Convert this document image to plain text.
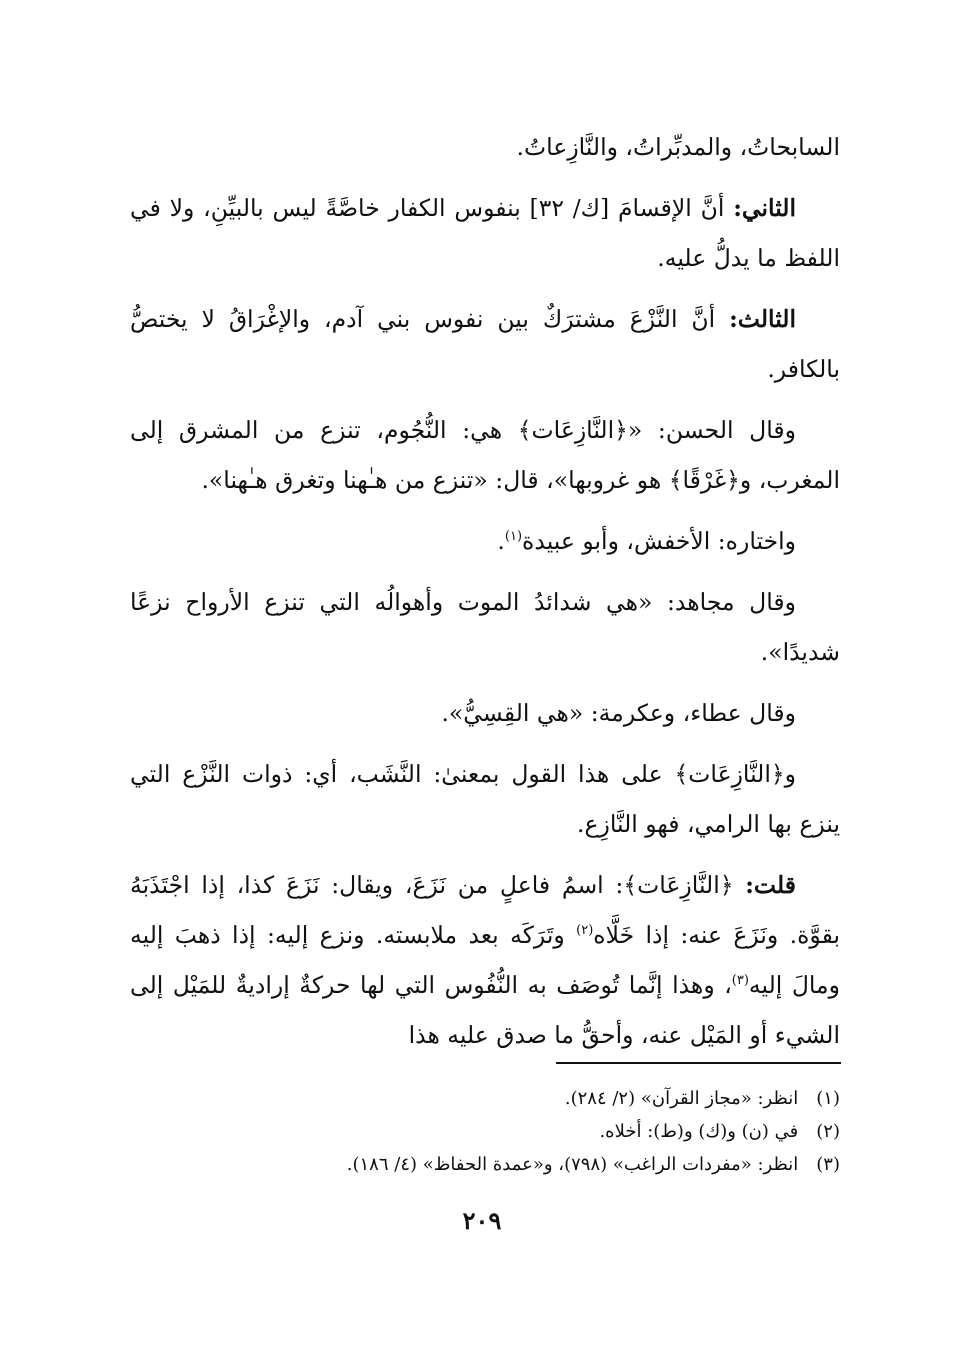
السابحاتُ، والمدبِّراتُ، والنَّازِعاتُ.

الثاني: أنَّ الإقسامَ [ك/ ٣٢] بنفوس الكفار خاصَّةً ليس بالبيِّنِ، ولا في اللفظ ما يدلُّ عليه.

الثالث: أنَّ النَّزْعَ مشترَكٌ بين نفوس بني آدم، والإغْرَاقُ لا يختصُّ بالكافر.

وقال الحسن: «﴿النَّازِعَات﴾ هي: النُّجُوم، تنزع من المشرق إلى المغرب، و﴿غَرْقًا﴾ هو غروبها»، قال: «تنزع من هـٰهنا وتغرق هـٰهنا».

واختاره: الأخفش، وأبو عبيدة$^{(١)}$.

وقال مجاهد: «هي شدائدُ الموت وأهوالُه التي تنزع الأرواح نزعًا شديدًا».

وقال عطاء، وعكرمة: «هي القِسِيُّ».

و﴿النَّازِعَات﴾ على هذا القول بمعنىٰ: النَّشَب، أي: ذوات النَّزْع التي ينزع بها الرامي، فهو النَّازِع.

قلت: ﴿النَّازِعَات﴾: اسمُ فاعلٍ من نَزَعَ، ويقال: نَزَعَ كذا، إذا اجْتَذَبَهُ بقوَّة. ونَزَعَ عنه: إذا خَلَّاه$^{(٢)}$ وتَرَكَه بعد ملابسته. ونزع إليه: إذا ذهبَ إليه ومالَ إليه$^{(٣)}$، وهذا إنَّما تُوصَف به النُّفُوس التي لها حركةٌ إراديةٌ للمَيْل إلى الشيء أو المَيْل عنه، وأحقُّ ما صدق عليه هذا

(١)انظر: «مجاز القرآن» (٢/ ٢٨٤).
(٢)في (ن) و(ك) و(ط): أخلاه.
(٣)انظر: «مفردات الراغب» (٧٩٨)، و«عمدة الحفاظ» (٤/ ١٨٦).
٢٠٩
